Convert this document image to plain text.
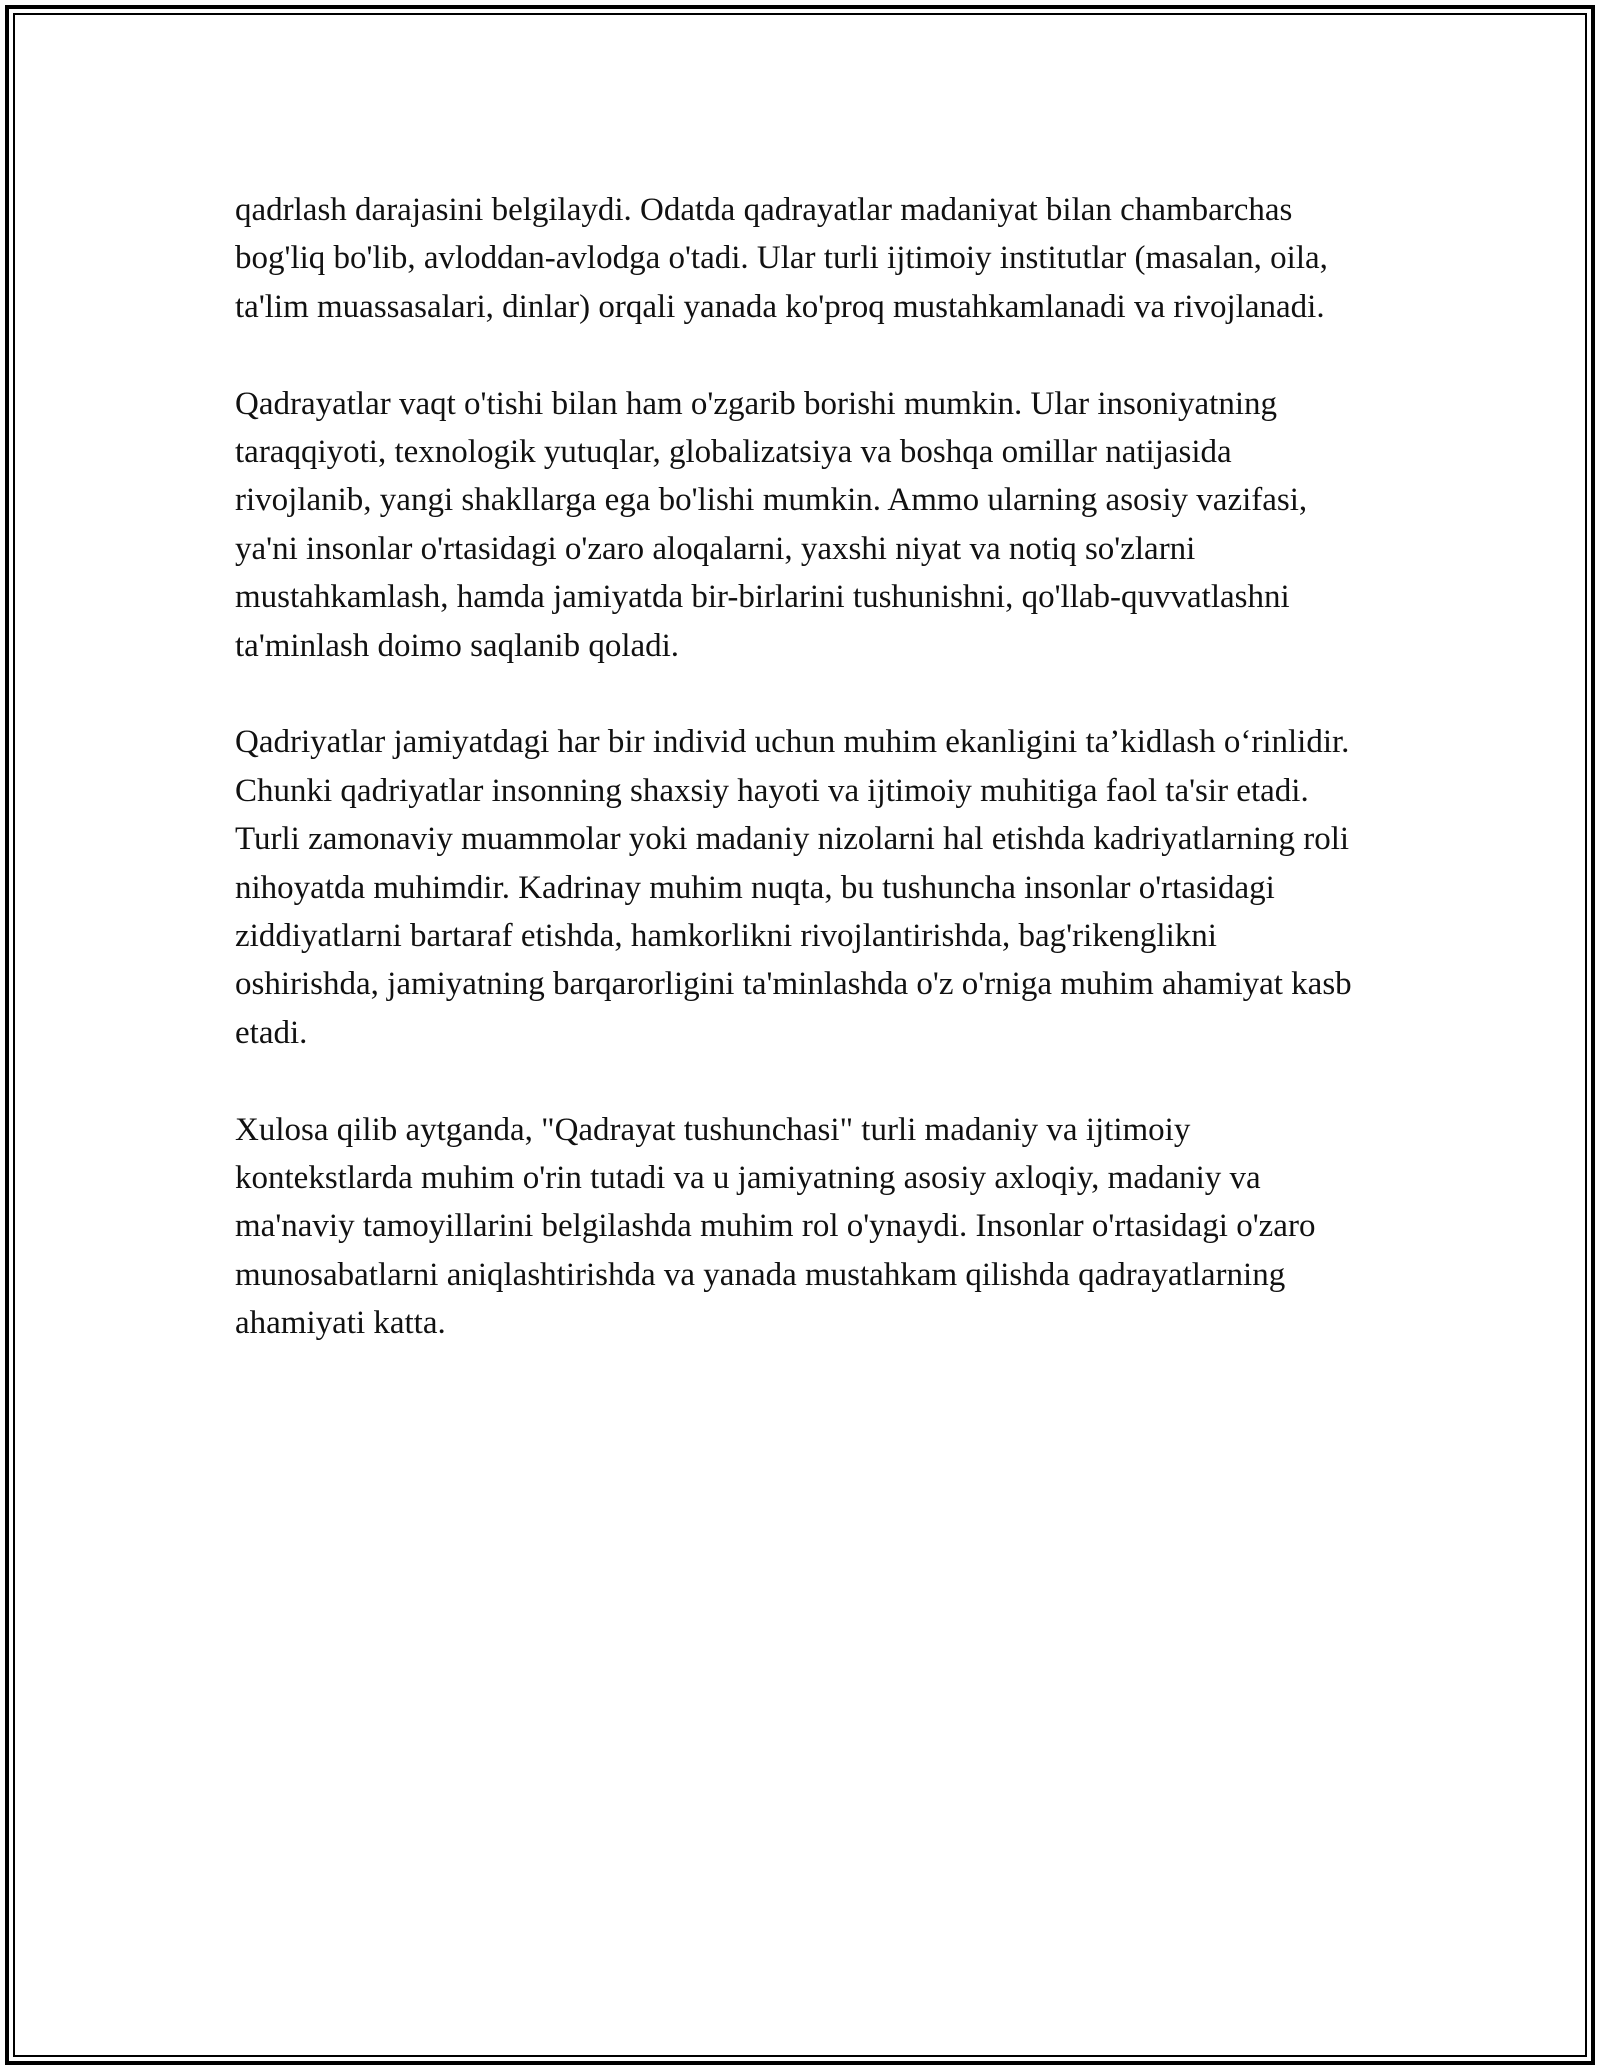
qadrlash darajasini belgilaydi. Odatda qadrayatlar madaniyat bilan chambarchas bog'liq bo'lib, avloddan-avlodga o'tadi. Ular turli ijtimoiy institutlar (masalan, oila, ta'lim muassasalari, dinlar) orqali yanada ko'proq mustahkamlanadi va rivojlanadi.

Qadrayatlar vaqt o'tishi bilan ham o'zgarib borishi mumkin. Ular insoniyatning taraqqiyoti, texnologik yutuqlar, globalizatsiya va boshqa omillar natijasida rivojlanib, yangi shakllarga ega bo'lishi mumkin. Ammo ularning asosiy vazifasi, ya'ni insonlar o'rtasidagi o'zaro aloqalarni, yaxshi niyat va notiq so'zlarni mustahkamlash, hamda jamiyatda bir-birlarini tushunishni, qo'llab-quvvatlashni ta'minlash doimo saqlanib qoladi.

Qadriyatlar jamiyatdagi har bir individ uchun muhim ekanligini ta’kidlash o‘rinlidir. Chunki qadriyatlar insonning shaxsiy hayoti va ijtimoiy muhitiga faol ta'sir etadi. Turli zamonaviy muammolar yoki madaniy nizolarni hal etishda kadriyatlarning roli nihoyatda muhimdir. Kadrinay muhim nuqta, bu tushuncha insonlar o'rtasidagi ziddiyatlarni bartaraf etishda, hamkorlikni rivojlantirishda, bag'rikenglikni oshirishda, jamiyatning barqarorligini ta'minlashda o'z o'rniga muhim ahamiyat kasb etadi.

Xulosa qilib aytganda, "Qadrayat tushunchasi" turli madaniy va ijtimoiy kontekstlarda muhim o'rin tutadi va u jamiyatning asosiy axloqiy, madaniy va ma'naviy tamoyillarini belgilashda muhim rol o'ynaydi. Insonlar o'rtasidagi o'zaro munosabatlarni aniqlashtirishda va yanada mustahkam qilishda qadrayatlarning ahamiyati katta.
